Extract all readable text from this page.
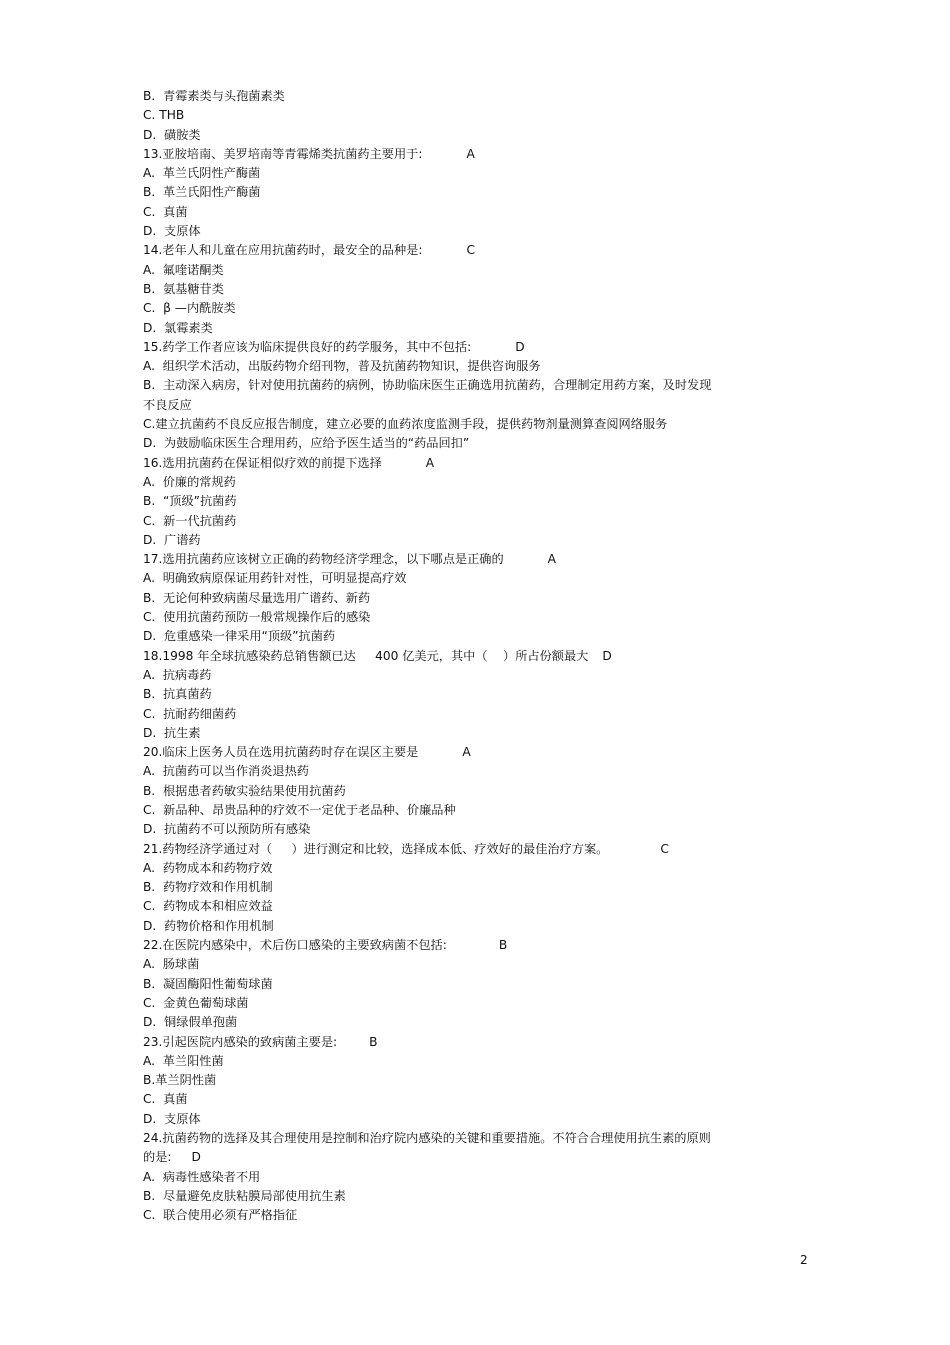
B.  青霉素类与头孢菌素类
C. THB
D.  磺胺类
13.亚胺培南、美罗培南等青霉烯类抗菌药主要用于:	A
A.  革兰氏阴性产酶菌
B.  革兰氏阳性产酶菌
C.  真菌
D.  支原体
14.老年人和儿童在应用抗菌药时，最安全的品种是:	C
A.  氟喹诺酮类
B.  氨基糖苷类
C.  β —内酰胺类
D.  氯霉素类
15.药学工作者应该为临床提供良好的药学服务，其中不包括:	D
A.  组织学术活动，出版药物介绍刊物，普及抗菌药物知识，提供咨询服务
B.  主动深入病房，针对使用抗菌药的病例，协助临床医生正确选用抗菌药，合理制定用药方案，及时发现
不良反应
C.建立抗菌药不良反应报告制度，建立必要的血药浓度监测手段，提供药物剂量测算查阅网络服务
D.  为鼓励临床医生合理用药，应给予医生适当的“药品回扣”
16.选用抗菌药在保证相似疗效的前提下选择	A
A.  价廉的常规药
B.  “顶级”抗菌药
C.  新一代抗菌药
D.  广谱药
17.选用抗菌药应该树立正确的药物经济学理念，以下哪点是正确的	A
A.  明确致病原保证用药针对性，可明显提高疗效
B.  无论何种致病菌尽量选用广谱药、新药
C.  使用抗菌药预防一般常规操作后的感染
D.  危重感染一律采用“顶级”抗菌药
18.1998 年全球抗感染药总销售额已达     400 亿美元，其中（    ）所占份额最大 D
A.  抗病毒药
B.  抗真菌药
C.  抗耐药细菌药
D.  抗生素
20.临床上医务人员在选用抗菌药时存在误区主要是	A
A.  抗菌药可以当作消炎退热药
B.  根据患者药敏实验结果使用抗菌药
C.  新品种、昂贵品种的疗效不一定优于老品种、价廉品种
D.  抗菌药不可以预防所有感染
21.药物经济学通过对（     ）进行测定和比较，选择成本低、疗效好的最佳治疗方案。	C
A.  药物成本和药物疗效
B.  药物疗效和作用机制
C.  药物成本和相应效益
D.  药物价格和作用机制
22.在医院内感染中，术后伤口感染的主要致病菌不包括:	B
A.  肠球菌
B.  凝固酶阳性葡萄球菌
C.  金黄色葡萄球菌
D.  铜绿假单孢菌
23.引起医院内感染的致病菌主要是:	B
A.  革兰阳性菌
B.革兰阴性菌
C.  真菌
D.  支原体
24.抗菌药物的选择及其合理使用是控制和治疗院内感染的关键和重要措施。不符合合理使用抗生素的原则
的是: D
A.  病毒性感染者不用
B.  尽量避免皮肤粘膜局部使用抗生素
C.  联合使用必须有严格指征
2
